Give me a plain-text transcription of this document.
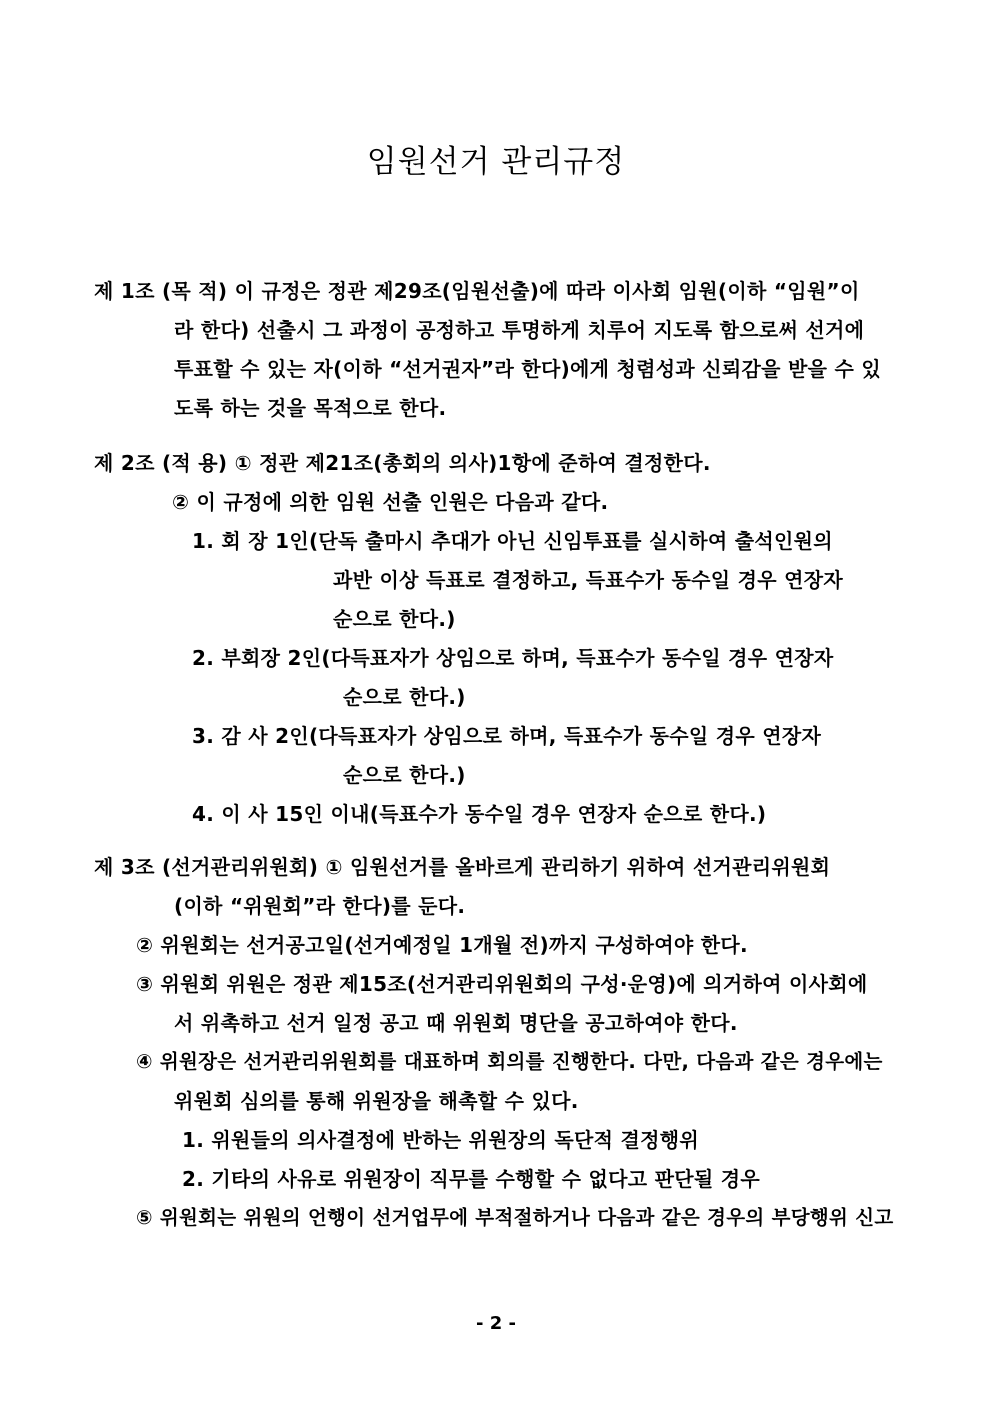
임원선거 관리규정
제 1조 (목 적) 이 규정은 정관 제29조(임원선출)에 따라 이사회 임원(이하 “임원”이
라 한다) 선출시 그 과정이 공정하고 투명하게 치루어 지도록 함으로써 선거에
투표할 수 있는 자(이하 “선거권자”라 한다)에게 청렴성과 신뢰감을 받을 수 있
도록 하는 것을 목적으로 한다.
제 2조 (적 용) ① 정관 제21조(총회의 의사)1항에 준하여 결정한다.
② 이 규정에 의한 임원 선출 인원은 다음과 같다.
1. 회 장 1인(단독 출마시 추대가 아닌 신임투표를 실시하여 출석인원의
과반 이상 득표로 결정하고, 득표수가 동수일 경우 연장자
순으로 한다.)
2. 부회장 2인(다득표자가 상임으로 하며, 득표수가 동수일 경우 연장자
순으로 한다.)
3. 감 사 2인(다득표자가 상임으로 하며, 득표수가 동수일 경우 연장자
순으로 한다.)
4. 이 사 15인 이내(득표수가 동수일 경우 연장자 순으로 한다.)
제 3조 (선거관리위원회) ① 임원선거를 올바르게 관리하기 위하여 선거관리위원회
(이하 “위원회”라 한다)를 둔다.
② 위원회는 선거공고일(선거예정일 1개월 전)까지 구성하여야 한다.
③ 위원회 위원은 정관 제15조(선거관리위원회의 구성·운영)에 의거하여 이사회에
서 위촉하고 선거 일정 공고 때 위원회 명단을 공고하여야 한다.
④ 위원장은 선거관리위원회를 대표하며 회의를 진행한다. 다만, 다음과 같은 경우에는
위원회 심의를 통해 위원장을 해촉할 수 있다.
1. 위원들의 의사결정에 반하는 위원장의 독단적 결정행위
2. 기타의 사유로 위원장이 직무를 수행할 수 없다고 판단될 경우
⑤ 위원회는 위원의 언행이 선거업무에 부적절하거나 다음과 같은 경우의 부당행위 신고
- 2 -
